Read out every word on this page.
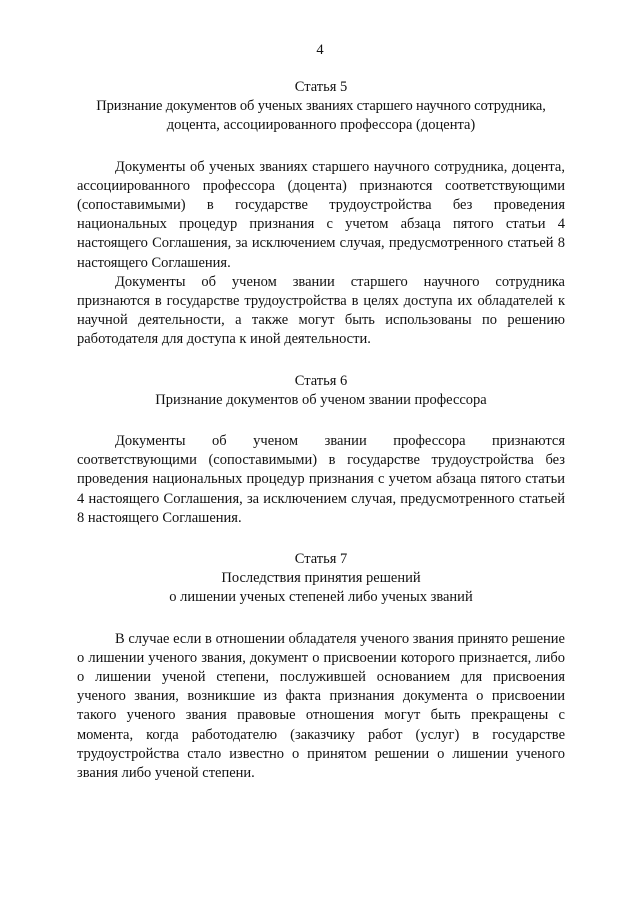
4
Статья 5
Признание документов об ученых званиях старшего научного сотрудника,
доцента, ассоциированного профессора (доцента)

Документы об ученых званиях старшего научного сотрудника, доцента, ассоциированного профессора (доцента) признаются соответствующими (сопоставимыми) в государстве трудоустройства без проведения национальных процедур признания с учетом абзаца пятого статьи 4 настоящего Соглашения, за исключением случая, предусмотренного статьей 8 настоящего Соглашения.

Документы об ученом звании старшего научного сотрудника признаются в государстве трудоустройства в целях доступа их обладателей к научной деятельности, а также могут быть использованы по решению работодателя для доступа к иной деятельности.

Статья 6
Признание документов об ученом звании профессора

Документы об ученом звании профессора признаются соответствующими (сопоставимыми) в государстве трудоустройства без проведения национальных процедур признания с учетом абзаца пятого статьи 4 настоящего Соглашения, за исключением случая, предусмотренного статьей 8 настоящего Соглашения.

Статья 7
Последствия принятия решений
о лишении ученых степеней либо ученых званий

В случае если в отношении обладателя ученого звания принято решение о лишении ученого звания, документ о присвоении которого признается, либо о лишении ученой степени, послужившей основанием для присвоения ученого звания, возникшие из факта признания документа о присвоении такого ученого звания правовые отношения могут быть прекращены с момента, когда работодателю (заказчику работ (услуг) в государстве трудоустройства стало известно о принятом решении о лишении ученого звания либо ученой степени.
